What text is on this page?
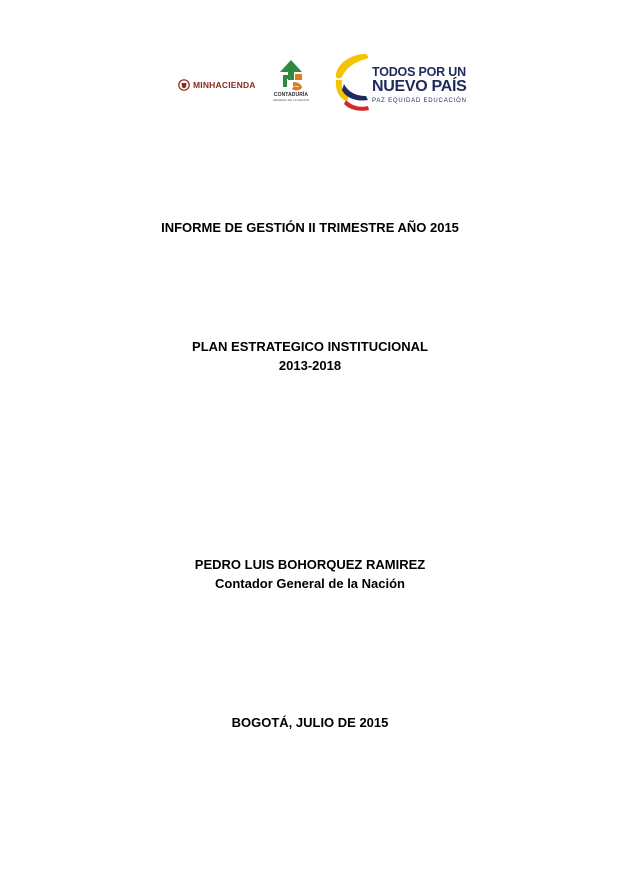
MINHACIENDA
CONTADURÍA
GENERAL DE LA NACIÓN
TODOS POR UN
NUEVO PAÍS
PAZ EQUIDAD EDUCACIÓN

INFORME DE GESTIÓN II TRIMESTRE AÑO 2015

PLAN ESTRATEGICO INSTITUCIONAL

2013-2018

PEDRO LUIS BOHORQUEZ RAMIREZ

Contador General de la Nación

BOGOTÁ, JULIO DE 2015
